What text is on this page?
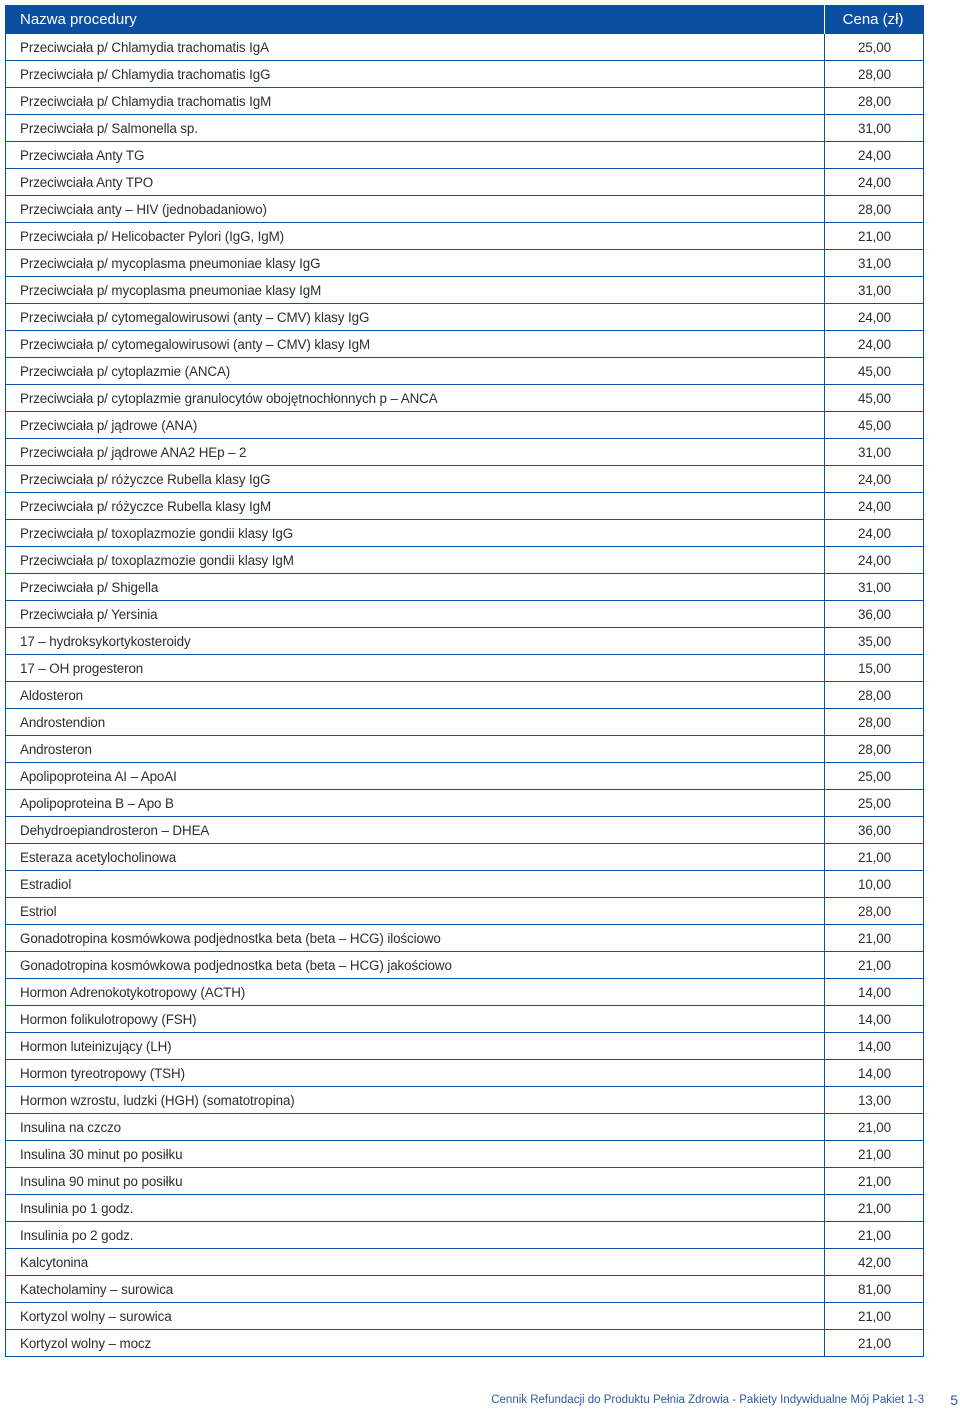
Nazwa procedury	Cena (zł)
Przeciwciała p/ Chlamydia trachomatis IgA	25,00
Przeciwciała p/ Chlamydia trachomatis IgG	28,00
Przeciwciała p/ Chlamydia trachomatis IgM	28,00
Przeciwciała p/ Salmonella sp.	31,00
Przeciwciała Anty TG	24,00
Przeciwciała Anty TPO	24,00
Przeciwciała anty – HIV (jednobadaniowo)	28,00
Przeciwciała p/ Helicobacter Pylori (IgG, IgM)	21,00
Przeciwciała p/ mycoplasma pneumoniae klasy IgG	31,00
Przeciwciała p/ mycoplasma pneumoniae klasy IgM	31,00
Przeciwciała p/ cytomegalowirusowi (anty – CMV) klasy IgG	24,00
Przeciwciała p/ cytomegalowirusowi (anty – CMV) klasy IgM	24,00
Przeciwciała p/ cytoplazmie (ANCA)	45,00
Przeciwciała p/ cytoplazmie granulocytów obojętnochłonnych p – ANCA	45,00
Przeciwciała p/ jądrowe (ANA)	45,00
Przeciwciała p/ jądrowe ANA2 HEp – 2	31,00
Przeciwciała p/ różyczce Rubella klasy IgG	24,00
Przeciwciała p/ różyczce Rubella klasy IgM	24,00
Przeciwciała p/ toxoplazmozie gondii klasy IgG	24,00
Przeciwciała p/ toxoplazmozie gondii klasy IgM	24,00
Przeciwciała p/ Shigella	31,00
Przeciwciała p/ Yersinia	36,00
17 – hydroksykortykosteroidy	35,00
17 – OH progesteron	15,00
Aldosteron	28,00
Androstendion	28,00
Androsteron	28,00
Apolipoproteina AI – ApoAI	25,00
Apolipoproteina B – Apo B	25,00
Dehydroepiandrosteron – DHEA	36,00
Esteraza acetylocholinowa	21,00
Estradiol	10,00
Estriol	28,00
Gonadotropina kosmówkowa podjednostka beta (beta – HCG) ilościowo	21,00
Gonadotropina kosmówkowa podjednostka beta (beta – HCG) jakościowo	21,00
Hormon Adrenokotykotropowy (ACTH)	14,00
Hormon folikulotropowy (FSH)	14,00
Hormon luteinizujący (LH)	14,00
Hormon tyreotropowy (TSH)	14,00
Hormon wzrostu, ludzki (HGH) (somatotropina)	13,00
Insulina na czczo	21,00
Insulina 30 minut po posiłku	21,00
Insulina 90 minut po posiłku	21,00
Insulinia po 1 godz.	21,00
Insulinia po 2 godz.	21,00
Kalcytonina	42,00
Katecholaminy – surowica	81,00
Kortyzol wolny – surowica	21,00
Kortyzol wolny – mocz	21,00
Cennik Refundacji do Produktu Pełnia Zdrowia - Pakiety Indywidualne Mój Pakiet 1-3 5
